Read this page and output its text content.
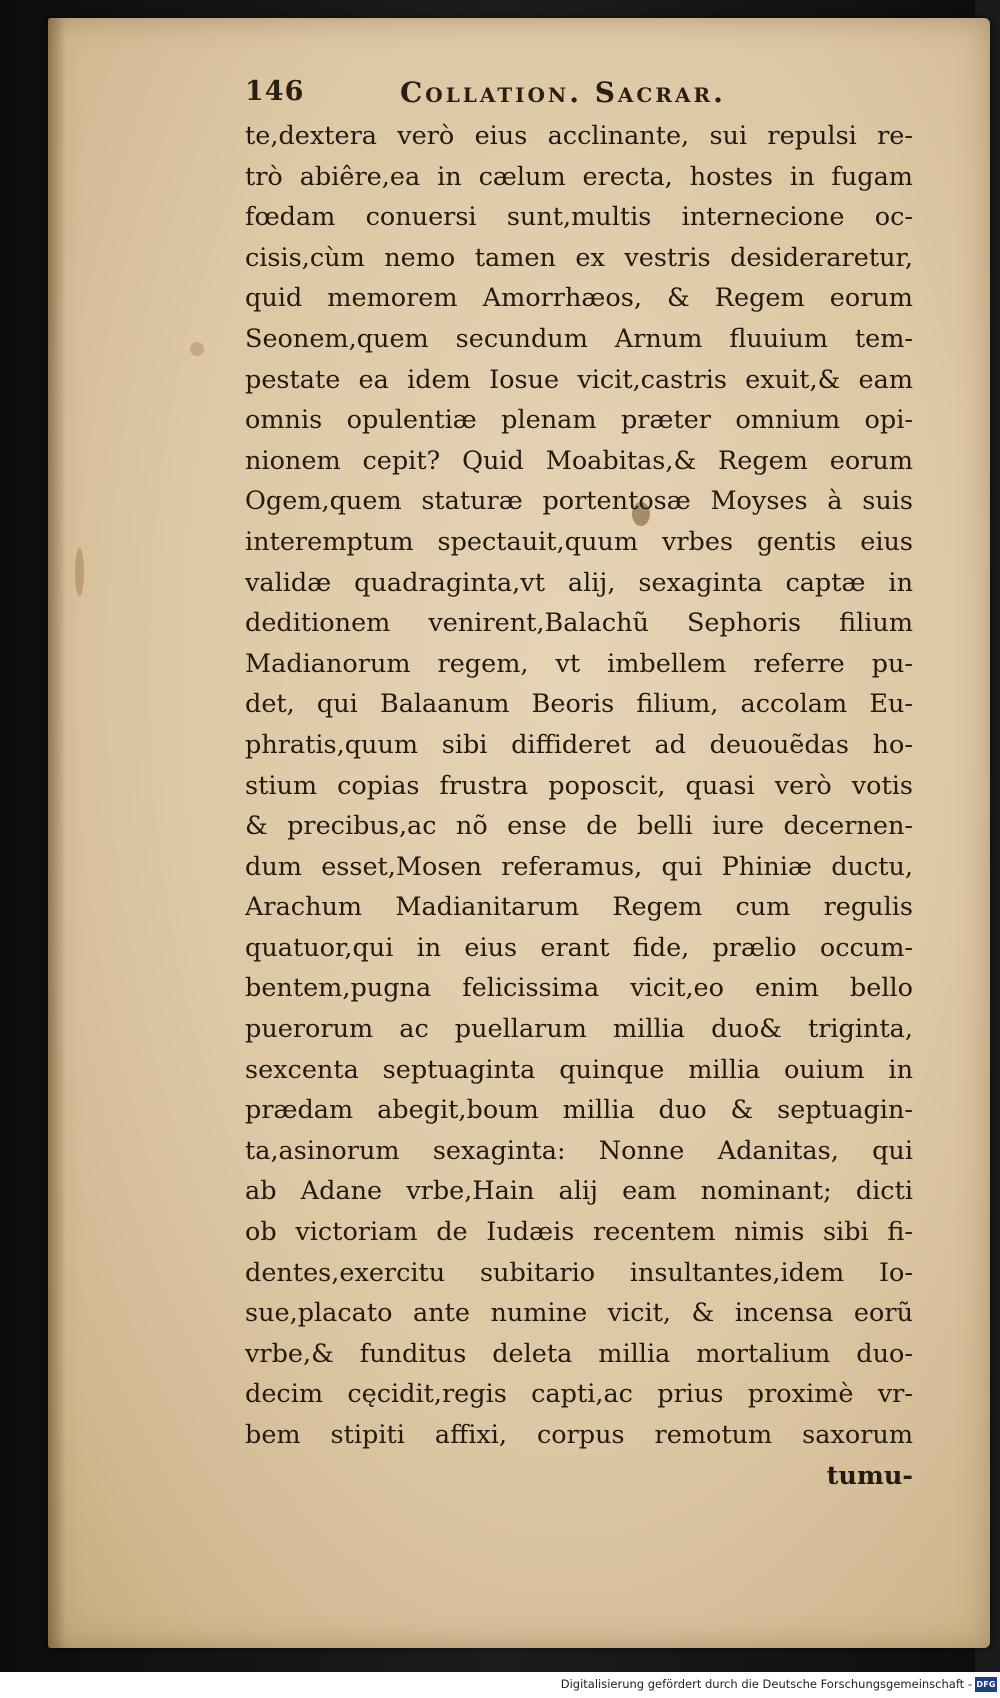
146	Collation. Sacrar.
te,dextera verò eius acclinante, sui repulsi re-
trò abiêre,ea in cælum erecta, hostes in fugam
fœdam conuersi sunt,multis internecione oc-
cisis,cùm nemo tamen ex vestris desideraretur,
quid memorem Amorrhæos, & Regem eorum
Seonem,quem secundum Arnum fluuium tem-
pestate ea idem Iosue vicit,castris exuit,& eam
omnis opulentiæ plenam præter omnium opi-
nionem cepit? Quid Moabitas,& Regem eorum
Ogem,quem staturæ portentosæ Moyses à suis
interemptum spectauit,quum vrbes gentis eius
validæ quadraginta,vt alij, sexaginta captæ in
deditionem venirent,Balachũ Sephoris filium
Madianorum regem, vt imbellem referre pu-
det, qui Balaanum Beoris filium, accolam Eu-
phratis,quum sibi diffideret ad deuouẽdas ho-
stium copias frustra poposcit, quasi verò votis
& precibus,ac nõ ense de belli iure decernen-
dum esset,Mosen referamus, qui Phiniæ ductu,
Arachum Madianitarum Regem cum regulis
quatuor,qui in eius erant fide, prælio occum-
bentem,pugna felicissima vicit,eo enim bello
puerorum ac puellarum millia duo& triginta,
sexcenta septuaginta quinque millia ouium in
prædam abegit,boum millia duo & septuagin-
ta,asinorum sexaginta: Nonne Adanitas, qui
ab Adane vrbe,Hain alij eam nominant; dicti
ob victoriam de Iudæis recentem nimis sibi fi-
dentes,exercitu subitario insultantes,idem Io-
sue,placato ante numine vicit, & incensa eorũ
vrbe,& funditus deleta millia mortalium duo-
decim cęcidit,regis capti,ac prius proximè vr-
bem stipiti affixi, corpus remotum saxorum
tumu-
Digitalisierung gefördert durch die Deutsche Forschungsgemeinschaft - DFG
